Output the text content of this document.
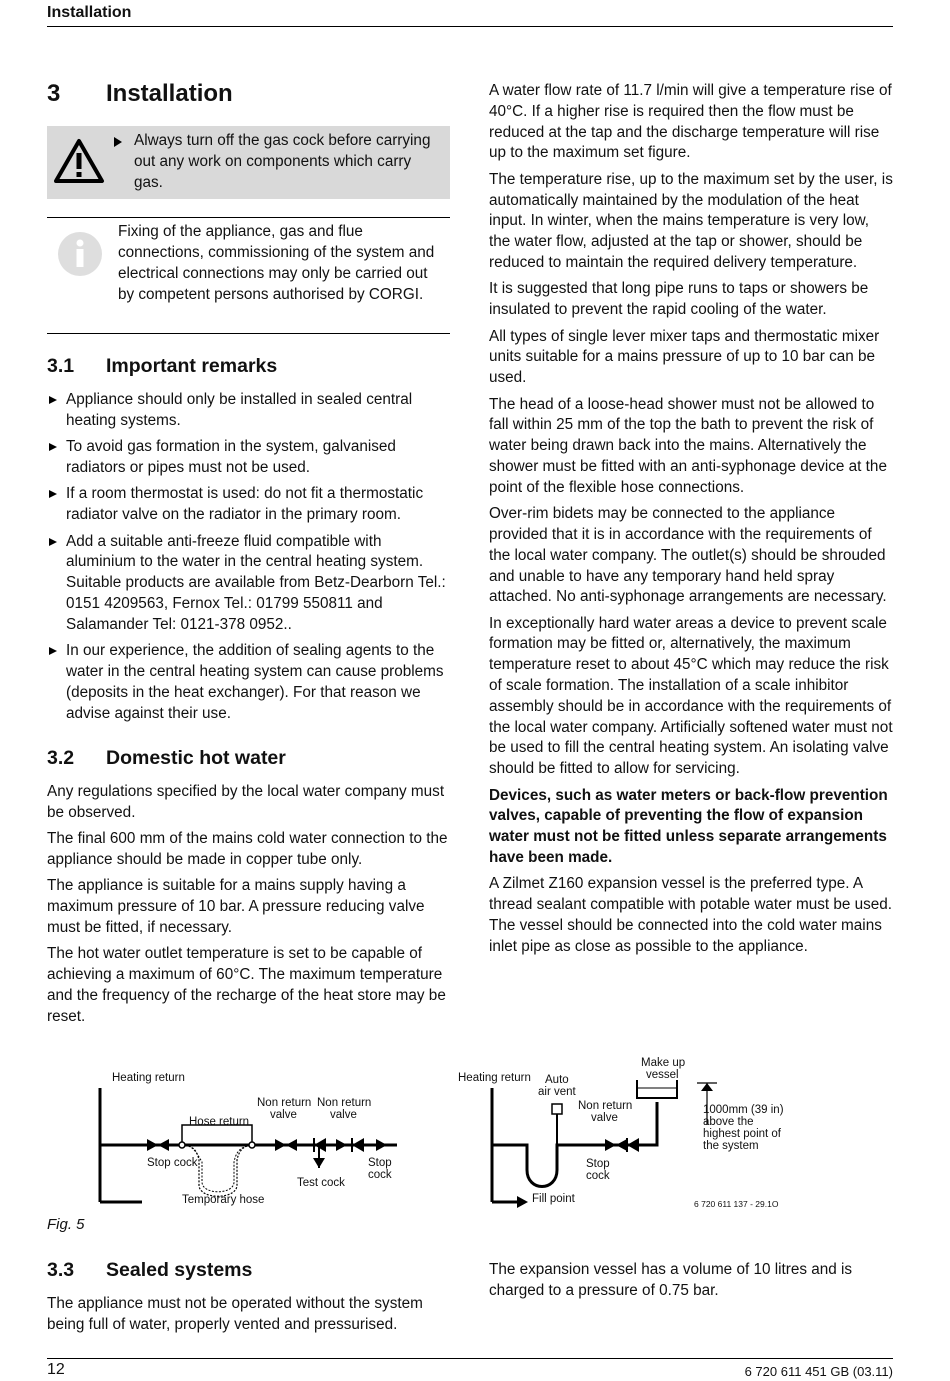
Installation
3 Installation
Always turn off the gas cock before carrying out any work on components which carry gas.
Fixing of the appliance, gas and flue connections, commissioning of the system and electrical connections may only be carried out by competent persons authorised by CORGI.
3.1 Important remarks
Appliance should only be installed in sealed central heating systems.
To avoid gas formation in the system, galvanised radiators or pipes must not be used.
If a room thermostat is used: do not fit a thermostatic radiator valve on the radiator in the primary room.
Add a suitable anti-freeze fluid compatible with aluminium to the water in the central heating system. Suitable products are available from Betz-Dearborn Tel.: 0151 4209563, Fernox Tel.: 01799 550811 and Salamander Tel: 0121-378 0952..
In our experience, the addition of sealing agents to the water in the central heating system can cause problems (deposits in the heat exchanger). For that reason we advise against their use.
3.2 Domestic hot water

Any regulations specified by the local water company must be observed.

The final 600 mm of the mains cold water connection to the appliance should be made in copper tube only.

The appliance is suitable for a mains supply having a maximum pressure of 10 bar. A pressure reducing valve must be fitted, if necessary.

The hot water outlet temperature is set to be capable of achieving a maximum of 60°C. The maximum temperature and the frequency of the recharge of the heat store may be reset.

A water flow rate of 11.7 l/min will give a temperature rise of 40°C. If a higher rise is required then the flow must be reduced at the tap and the discharge temperature will rise up to the maximum set figure.

The temperature rise, up to the maximum set by the user, is automatically maintained by the modulation of the heat input. In winter, when the mains temperature is very low, the water flow, adjusted at the tap or shower, should be reduced to maintain the required delivery temperature.

It is suggested that long pipe runs to taps or showers be insulated to prevent the rapid cooling of the water.

All types of single lever mixer taps and thermostatic mixer units suitable for a mains pressure of up to 10 bar can be used.

The head of a loose-head shower must not be allowed to fall within 25 mm of the top the bath to prevent the risk of water being drawn back into the mains. Alternatively the shower must be fitted with an anti-syphonage device at the point of the flexible hose connections.

Over-rim bidets may be connected to the appliance provided that it is in accordance with the requirements of the local water company. The outlet(s) should be shrouded and unable to have any temporary hand held spray attached. No anti-syphonage arrangements are necessary.

In exceptionally hard water areas a device to prevent scale formation may be fitted or, alternatively, the maximum temperature reset to about 45°C which may reduce the risk of scale formation. The installation of a scale inhibitor assembly should be in accordance with the requirements of the local water company. Artificially softened water must not be used to fill the central heating system. An isolating valve should be fitted to allow for servicing.

Devices, such as water meters or back-flow prevention valves, capable of preventing the flow of expansion water must not be fitted unless separate arrangements have been made.

A Zilmet Z160 expansion vessel is the preferred type. A thread sealant compatible with potable water must be used. The vessel should be connected into the cold water mains inlet pipe as close as possible to the appliance.

Heating return
Hose return
Non return
valve
Non return
valve
Stop cock	Stop
cock
Test cock
Temporary hose
Heating return Auto
air vent
Make up
vessel
Non return
valve
1000mm (39 in)
above the
highest point of
the system
Stop
cock
Fill point	6 720 611 137 - 29.1O
Fig. 5
3.3 Sealed systems

The appliance must not be operated without the system being full of water, properly vented and pressurised.

The expansion vessel has a volume of 10 litres and is charged to a pressure of 0.75 bar.

12	6 720 611 451 GB (03.11)
